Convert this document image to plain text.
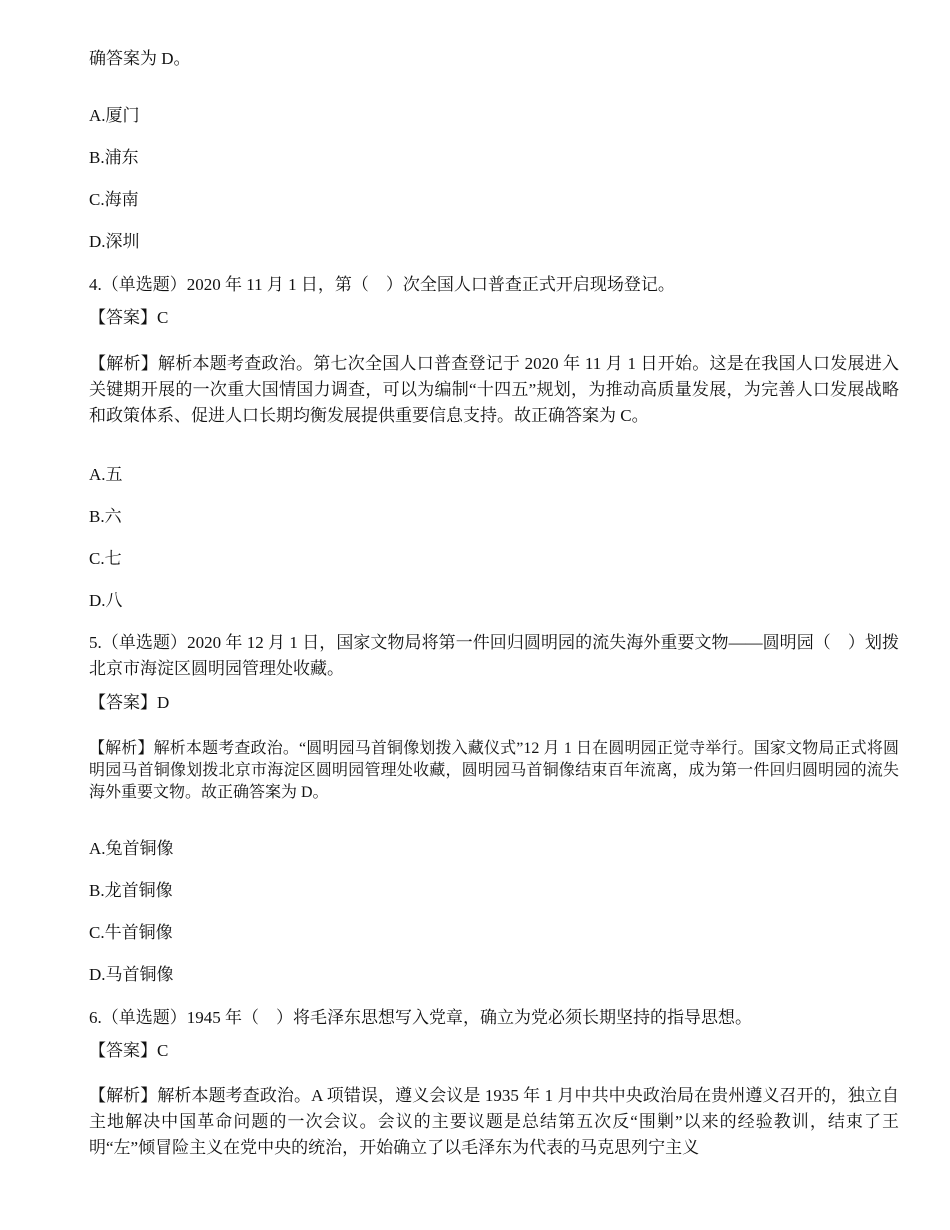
确答案为 D。
A.厦门
B.浦东
C.海南
D.深圳
4.（单选题）2020 年 11 月 1 日，第（　）次全国人口普查正式开启现场登记。
【答案】C
【解析】解析本题考查政治。第七次全国人口普查登记于 2020 年 11 月 1 日开始。这是在我国人口发展进入关键期开展的一次重大国情国力调查，可以为编制“十四五”规划，为推动高质量发展，为完善人口发展战略和政策体系、促进人口长期均衡发展提供重要信息支持。故正确答案为 C。
A.五
B.六
C.七
D.八
5.（单选题）2020 年 12 月 1 日，国家文物局将第一件回归圆明园的流失海外重要文物——圆明园（　）划拨北京市海淀区圆明园管理处收藏。
【答案】D
【解析】解析本题考查政治。“圆明园马首铜像划拨入藏仪式”12 月 1 日在圆明园正觉寺举行。国家文物局正式将圆明园马首铜像划拨北京市海淀区圆明园管理处收藏，圆明园马首铜像结束百年流离，成为第一件回归圆明园的流失海外重要文物。故正确答案为 D。
A.兔首铜像
B.龙首铜像
C.牛首铜像
D.马首铜像
6.（单选题）1945 年（　）将毛泽东思想写入党章，确立为党必须长期坚持的指导思想。
【答案】C
【解析】解析本题考查政治。A 项错误，遵义会议是 1935 年 1 月中共中央政治局在贵州遵义召开的，独立自主地解决中国革命问题的一次会议。会议的主要议题是总结第五次反“围剿”以来的经验教训，结束了王明“左”倾冒险主义在党中央的统治，开始确立了以毛泽东为代表的马克思列宁主义
